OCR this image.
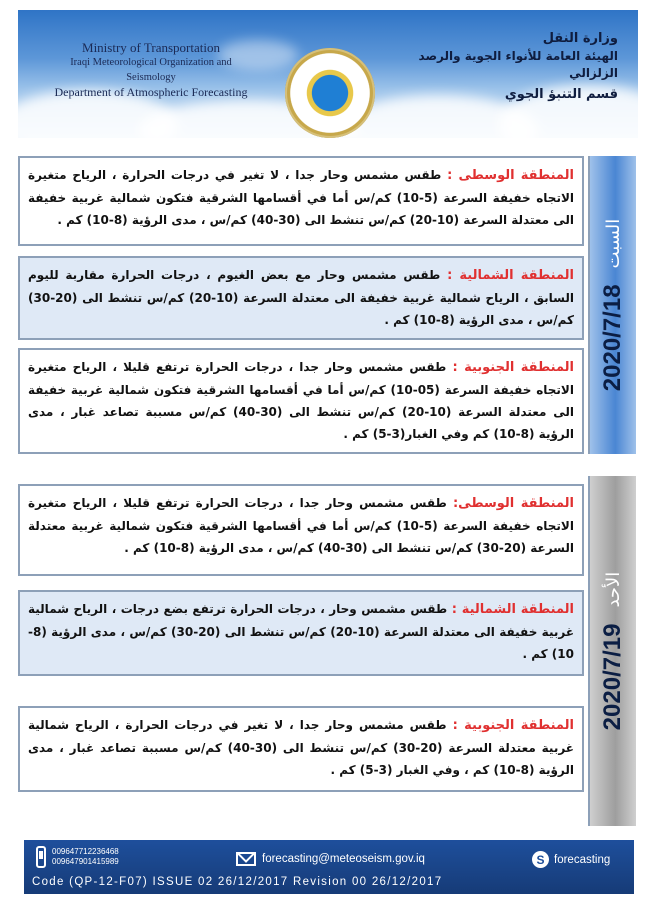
Ministry of Transportation
Iraqi Meteorological Organization and Seismology
Department of Atmospheric Forecasting
وزارة النقل
الهيئة العامة للأنواء الجوية والرصد الزلزالي
قسم التنبؤ الجوي
المنطقة الوسطى : طقس مشمس وحار جدا ، لا تغير في درجات الحرارة ، الرياح متغيرة الاتجاه خفيفة السرعة (5-10) كم/س أما في أقسامها الشرقية فتكون شمالية غربية خفيفة الى معتدلة السرعة (10-20) كم/س تنشط الى (30-40) كم/س ، مدى الرؤية (8-10) كم .
المنطقة الشمالية : طقس مشمس وحار مع بعض الغيوم ، درجات الحرارة مقاربة لليوم السابق ، الرياح شمالية غربية خفيفة الى معتدلة السرعة (10-20) كم/س تنشط الى (20-30) كم/س ، مدى الرؤية (8-10) كم .
المنطقة الجنوبية : طقس مشمس وحار جدا ، درجات الحرارة ترتفع قليلا ، الرياح متغيرة الاتجاه خفيفة السرعة (05-10) كم/س أما في أقسامها الشرقية فتكون شمالية غربية خفيفة الى معتدلة السرعة (10-20) كم/س تنشط الى (30-40) كم/س مسببة تصاعد غبار ، مدى الرؤية (8-10) كم وفي الغبار(3-5) كم .
2020/7/18
السبت
المنطقة الوسطى: طقس مشمس وحار جدا ، درجات الحرارة ترتفع قليلا ، الرياح متغيرة الاتجاه خفيفة السرعة (5-10) كم/س أما في أقسامها الشرقية فتكون شمالية غربية معتدلة السرعة (20-30) كم/س تنشط الى (30-40) كم/س ، مدى الرؤية (8-10) كم .
المنطقة الشمالية : طقس مشمس وحار ، درجات الحرارة ترتفع بضع درجات ، الرياح شمالية غربية خفيفة الى معتدلة السرعة (10-20) كم/س تنشط الى (20-30) كم/س ، مدى الرؤية (8-10) كم .
المنطقة الجنوبية : طقس مشمس وحار جدا ، لا تغير في درجات الحرارة ، الرياح شمالية غربية معتدلة السرعة (20-30) كم/س تنشط الى (30-40) كم/س مسببة تصاعد غبار ، مدى الرؤية (8-10) كم ، وفي الغبار (3-5) كم .
2020/7/19
الأحد
009647712236468
009647901415989	forecasting@meteoseism.gov.iq	S forecasting
Code (QP-12-F07) ISSUE 02 26/12/2017 Revision 00 26/12/2017
